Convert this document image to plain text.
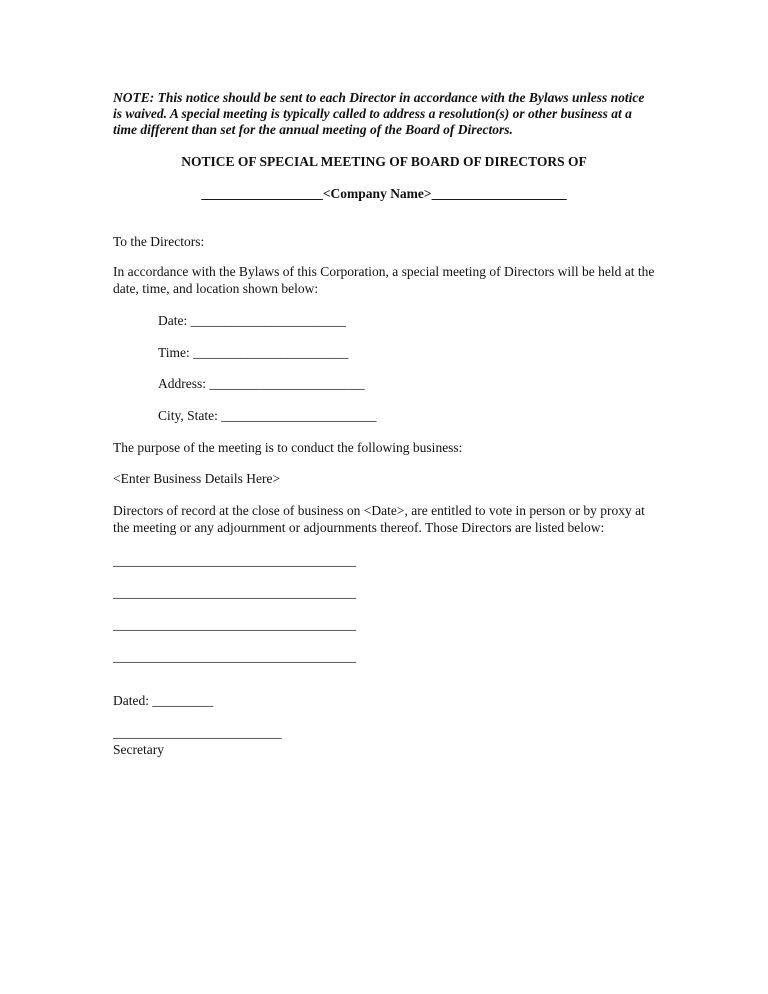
NOTE: This notice should be sent to each Director in accordance with the Bylaws unless notice is waived. A special meeting is typically called to address a resolution(s) or other business at a time different than set for the annual meeting of the Board of Directors.
NOTICE OF SPECIAL MEETING OF BOARD OF DIRECTORS OF
__________________<Company Name>____________________
To the Directors:
In accordance with the Bylaws of this Corporation, a special meeting of Directors will be held at the date, time, and location shown below:
Date: _______________________
Time: _______________________
Address: _______________________
City, State: _______________________
The purpose of the meeting is to conduct the following business:
<Enter Business Details Here>
Directors of record at the close of business on <Date>, are entitled to vote in person or by proxy at the meeting or any adjournment or adjournments thereof. Those Directors are listed below:
____________________________________
____________________________________
____________________________________
____________________________________
Dated: _________
_________________________
Secretary
